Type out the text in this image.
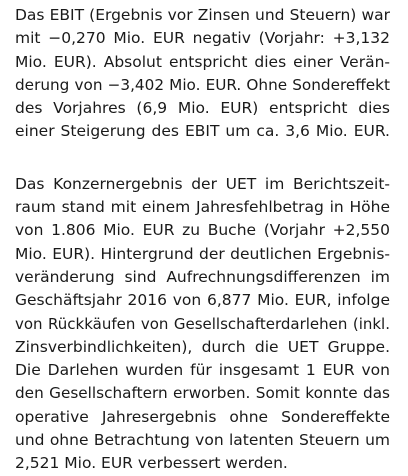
Das EBIT (Ergebnis vor Zinsen und Steuern) war
mit −0,270 Mio. EUR negativ (Vorjahr: +3,132
Mio. EUR). Absolut entspricht dies einer Verän-
derung von −3,402 Mio. EUR. Ohne Sondereffekt
des Vorjahres (6,9 Mio. EUR) entspricht dies
einer Steigerung des EBIT um ca. 3,6 Mio. EUR.

Das Konzernergebnis der UET im Berichtszeit-
raum stand mit einem Jahresfehlbetrag in Höhe
von 1.806 Mio. EUR zu Buche (Vorjahr +2,550
Mio. EUR). Hintergrund der deutlichen Ergebnis-
veränderung sind Aufrechnungsdifferenzen im
Geschäftsjahr 2016 von 6,877 Mio. EUR, infolge
von Rückkäufen von Gesellschafterdarlehen (inkl.
Zinsverbindlichkeiten), durch die UET Gruppe.
Die Darlehen wurden für insgesamt 1 EUR von
den Gesellschaftern erworben. Somit konnte das
operative Jahresergebnis ohne Sondereffekte
und ohne Betrachtung von latenten Steuern um
2,521 Mio. EUR verbessert werden.
